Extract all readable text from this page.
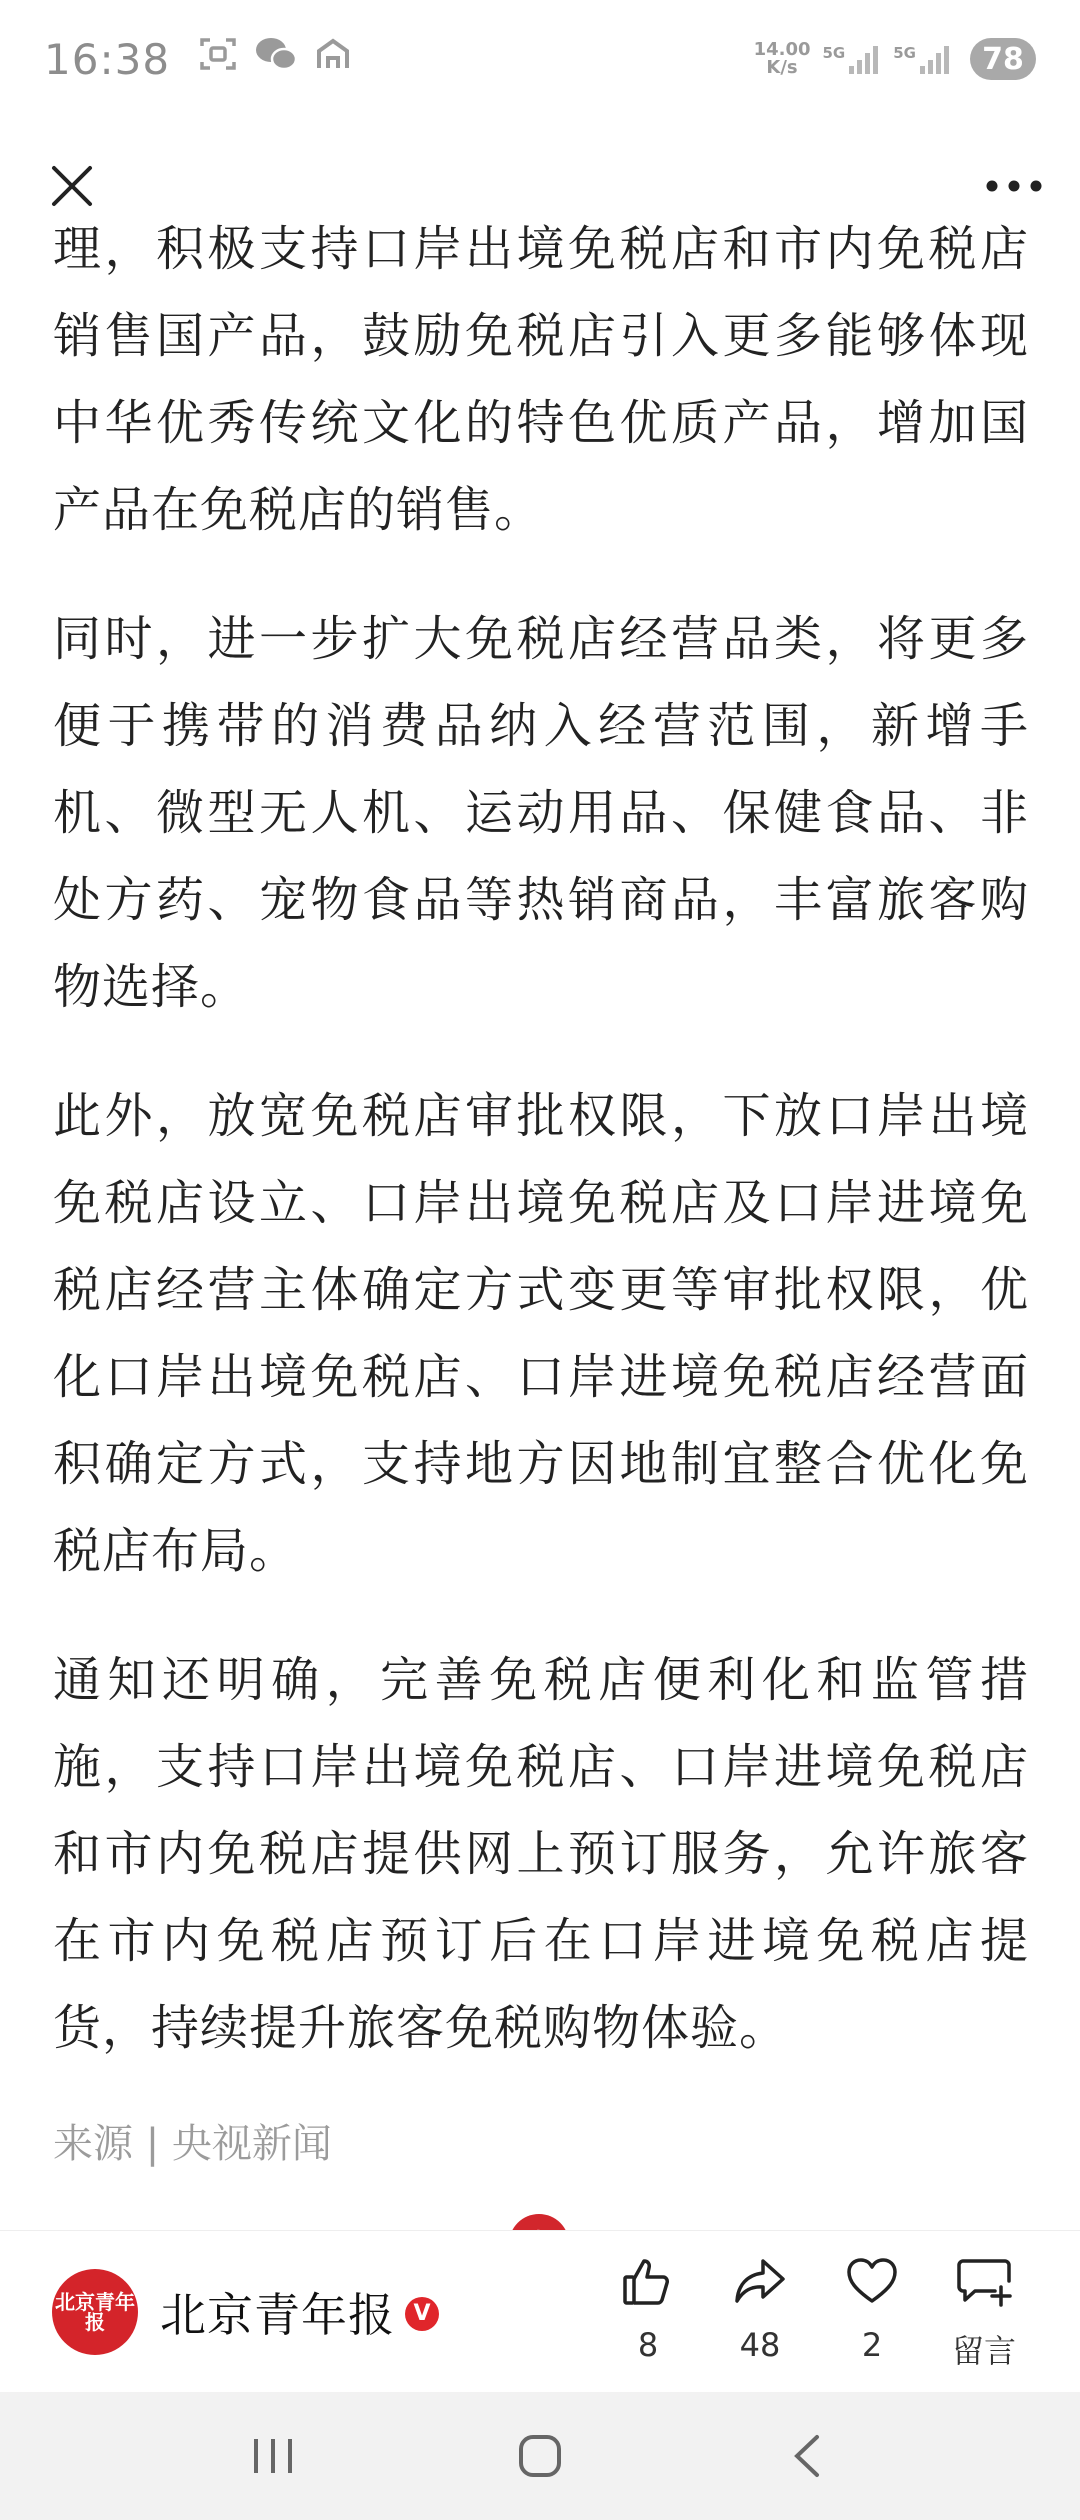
16:38	14.00
K/s
5G	5G	78

理，积极支持口岸出境免税店和市内免税店销售国产品，鼓励免税店引入更多能够体现中华优秀传统文化的特色优质产品，增加国产品在免税店的销售。

同时，进一步扩大免税店经营品类，将更多便于携带的消费品纳入经营范围，新增手机、微型无人机、运动用品、保健食品、非处方药、宠物食品等热销商品，丰富旅客购物选择。

此外，放宽免税店审批权限，下放口岸出境免税店设立、口岸出境免税店及口岸进境免税店经营主体确定方式变更等审批权限，优化口岸出境免税店、口岸进境免税店经营面积确定方式，支持地方因地制宜整合优化免税店布局。

通知还明确，完善免税店便利化和监管措施，支持口岸出境免税店、口岸进境免税店和市内免税店提供网上预订服务，允许旅客在市内免税店预订后在口岸进境免税店提货，持续提升旅客免税购物体验。

来源 | 央视新闻

北京青年报	北京青年报 V
8	48	2 留言
